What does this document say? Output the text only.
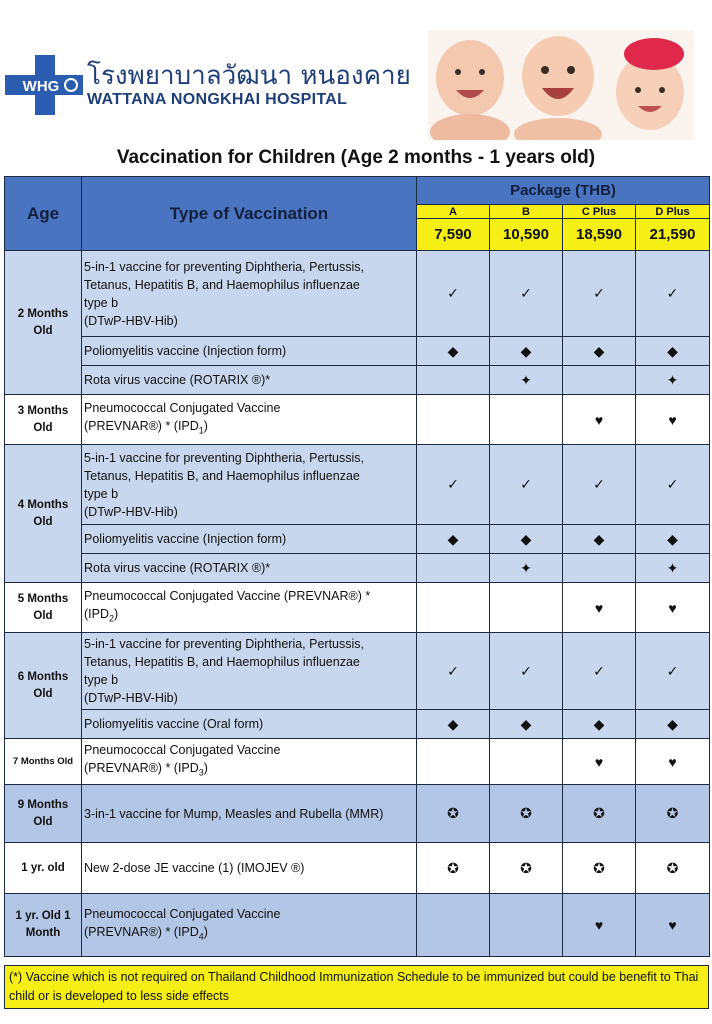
WHG โรงพยาบาลวัฒนา หนองคาย
WATTANA NONGKHAI HOSPITAL
Vaccination for Children (Age 2 months - 1 years old)
Age	Type of Vaccination	Package (THB)			
		A	B	C Plus	D Plus
		7,590	10,590	18,590	21,590
2 Months Old	5-in-1 vaccine for preventing Diphtheria, Pertussis,
Tetanus, Hepatitis B, and Haemophilus influenzae
type b
(DTwP-HBV-Hib)	✓	✓	✓	✓
	Poliomyelitis vaccine (Injection form)	◆	◆	◆	◆
	Rota virus vaccine (ROTARIX ®)*		✦		✦
3 Months Old	Pneumococcal Conjugated Vaccine
(PREVNAR®) * $(IPD_1)$			♥	♥
4 Months Old	5-in-1 vaccine for preventing Diphtheria, Pertussis,
Tetanus, Hepatitis B, and Haemophilus influenzae
type b
(DTwP-HBV-Hib)	✓	✓	✓	✓
	Poliomyelitis vaccine (Injection form)	◆	◆	◆	◆
	Rota virus vaccine (ROTARIX ®)*		✦		✦
5 Months Old	Pneumococcal Conjugated Vaccine (PREVNAR®) *
$(IPD_2)$			♥	♥
6 Months Old	5-in-1 vaccine for preventing Diphtheria, Pertussis,
Tetanus, Hepatitis B, and Haemophilus influenzae
type b
(DTwP-HBV-Hib)	✓	✓	✓	✓
	Poliomyelitis vaccine (Oral form)	◆	◆	◆	◆
7 Months Old	Pneumococcal Conjugated Vaccine
(PREVNAR®) * $(IPD_3)$			♥	♥
9 Months Old	3-in-1 vaccine for Mump, Measles and Rubella (MMR)	✪	✪	✪	✪
1 yr. old	New 2-dose JE vaccine (1) (IMOJEV ®)	✪	✪	✪	✪
1 yr. Old 1 Month	Pneumococcal Conjugated Vaccine
(PREVNAR®) * $(IPD_4)$			♥	♥
(*) Vaccine which is not required on Thailand Childhood Immunization Schedule to be immunized but could be benefit to Thai child or is developed to less side effects
